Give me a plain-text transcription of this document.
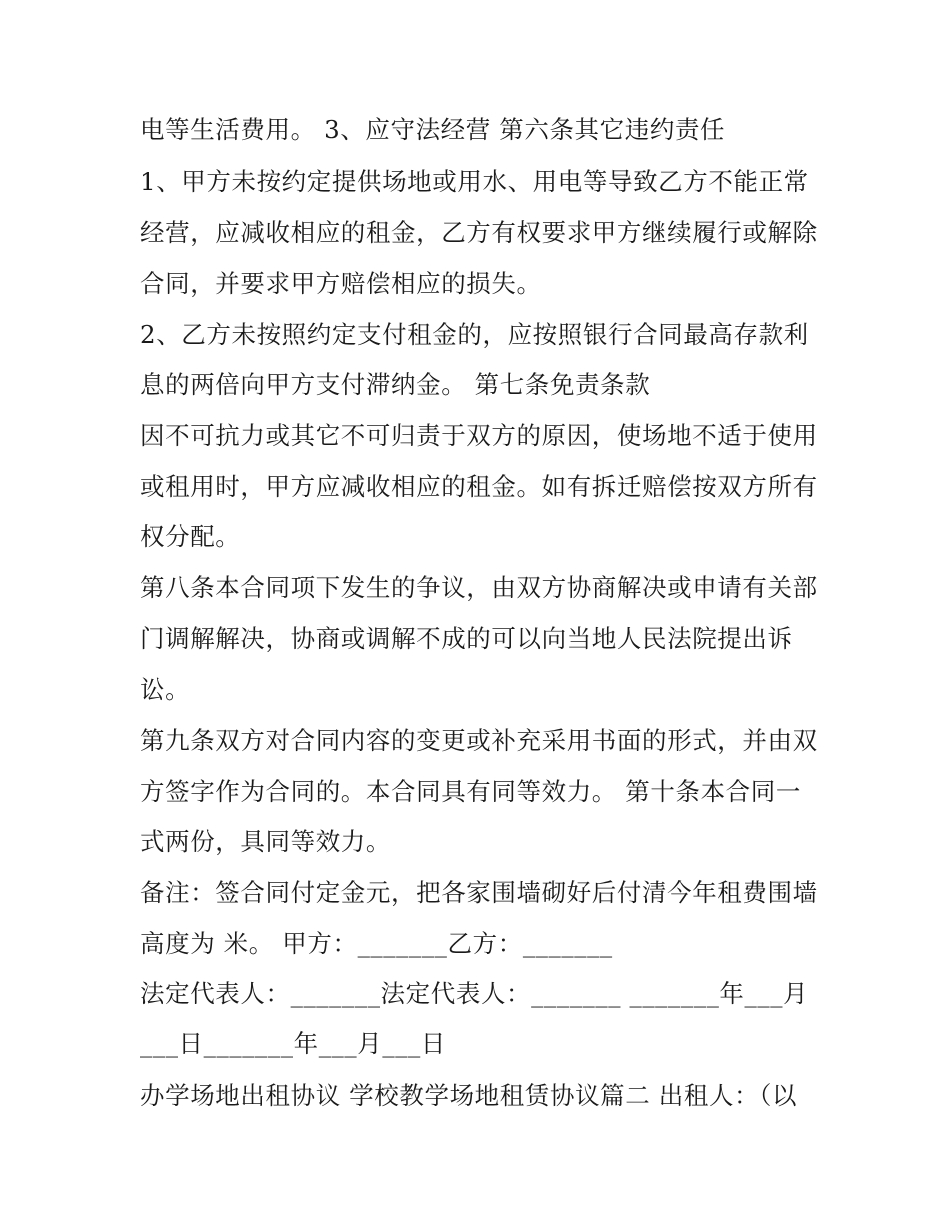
电等生活费用。 3、应守法经营 第六条其它违约责任
1、甲方未按约定提供场地或用水、用电等导致乙方不能正常
经营，应减收相应的租金，乙方有权要求甲方继续履行或解除
合同，并要求甲方赔偿相应的损失。
2、乙方未按照约定支付租金的，应按照银行合同最高存款利
息的两倍向甲方支付滞纳金。 第七条免责条款
因不可抗力或其它不可归责于双方的原因，使场地不适于使用
或租用时，甲方应减收相应的租金。如有拆迁赔偿按双方所有
权分配。
第八条本合同项下发生的争议，由双方协商解决或申请有关部
门调解解决，协商或调解不成的可以向当地人民法院提出诉
讼。
第九条双方对合同内容的变更或补充采用书面的形式，并由双
方签字作为合同的。本合同具有同等效力。 第十条本合同一
式两份，具同等效力。
备注：签合同付定金元，把各家围墙砌好后付清今年租费围墙
高度为 米。 甲方：_______乙方：_______
法定代表人：_______法定代表人：_______ _______年___月
___日_______年___月___日
办学场地出租协议 学校教学场地租赁协议篇二 出租人：（以
